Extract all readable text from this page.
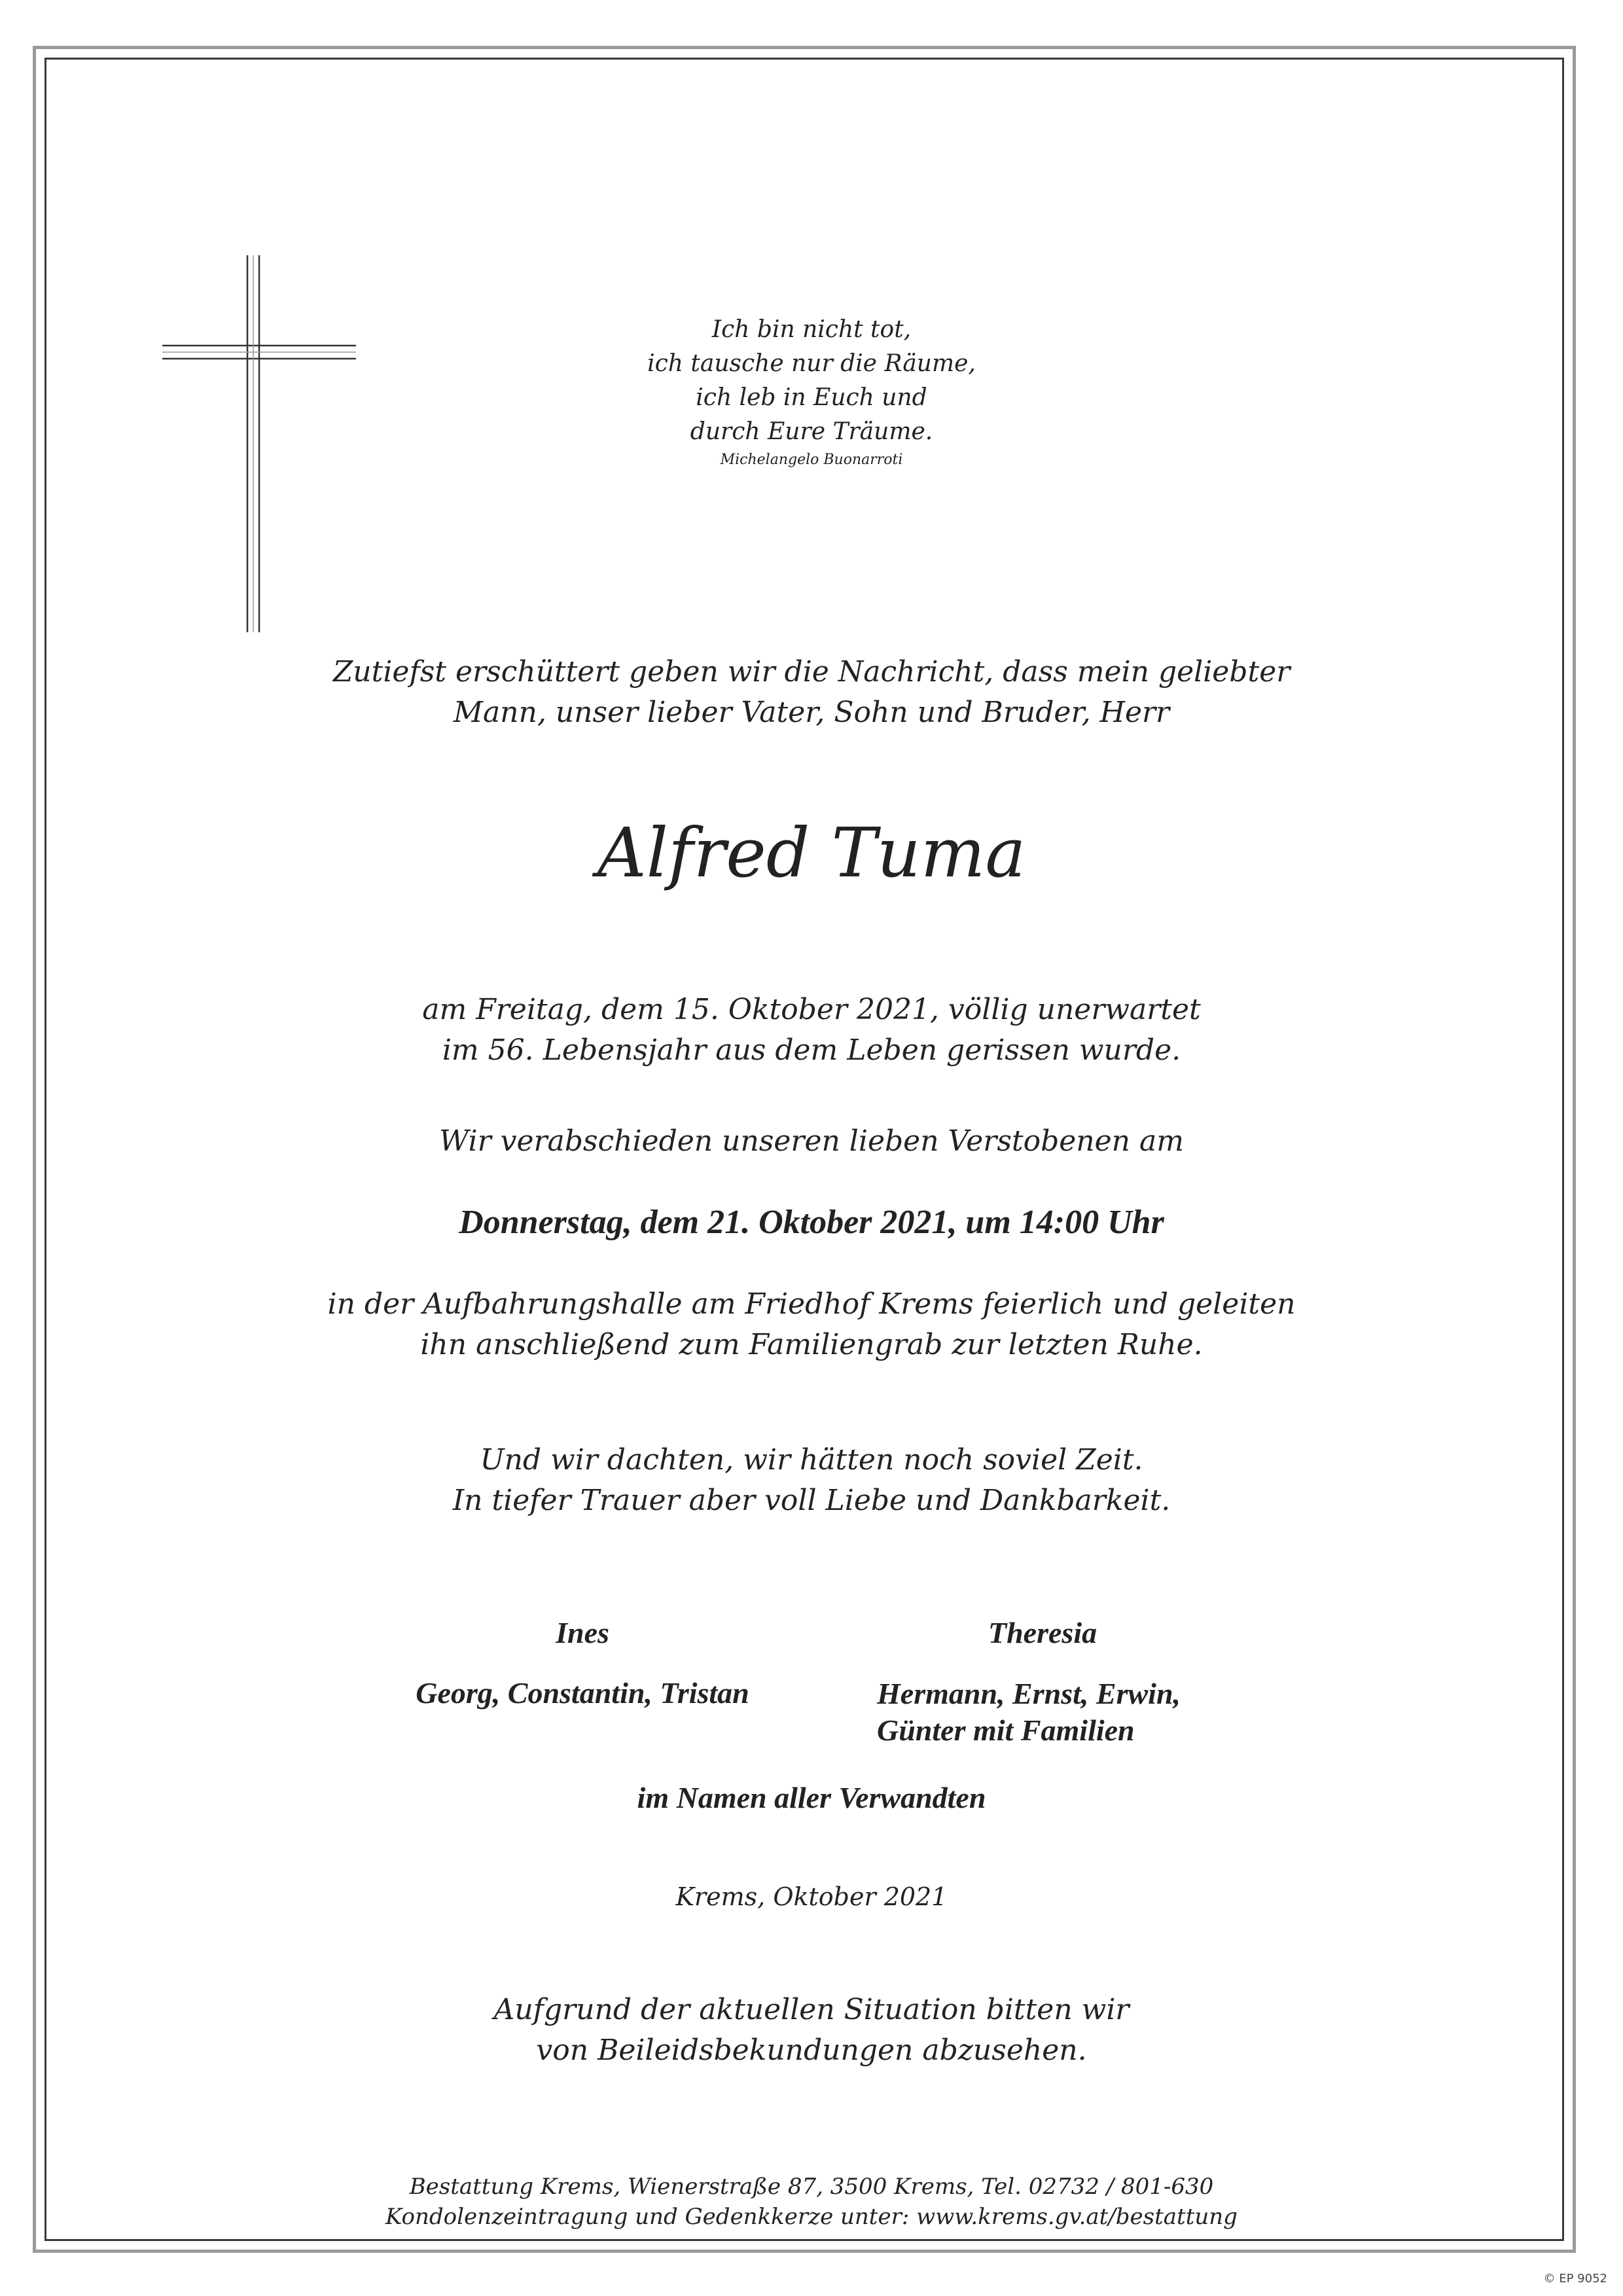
Ich bin nicht tot,
ich tausche nur die Räume,
ich leb in Euch und
durch Eure Träume.
Michelangelo Buonarroti
Zutiefst erschüttert geben wir die Nachricht, dass mein geliebter
Mann, unser lieber Vater, Sohn und Bruder, Herr
Alfred Tuma
am Freitag, dem 15. Oktober 2021, völlig unerwartet
im 56. Lebensjahr aus dem Leben gerissen wurde.
Wir verabschieden unseren lieben Verstobenen am
Donnerstag, dem 21. Oktober 2021, um 14:00 Uhr
in der Aufbahrungshalle am Friedhof Krems feierlich und geleiten
ihn anschließend zum Familiengrab zur letzten Ruhe.
Und wir dachten, wir hätten noch soviel Zeit.
In tiefer Trauer aber voll Liebe und Dankbarkeit.
Ines
Georg, Constantin, Tristan
Theresia
Hermann, Ernst, Erwin,
Günter mit Familien
im Namen aller Verwandten
Krems, Oktober 2021
Aufgrund der aktuellen Situation bitten wir
von Beileidsbekundungen abzusehen.
Bestattung Krems, Wienerstraße 87, 3500 Krems, Tel. 02732 / 801-630
Kondolenzeintragung und Gedenkkerze unter: www.krems.gv.at/bestattung
© EP 9052
